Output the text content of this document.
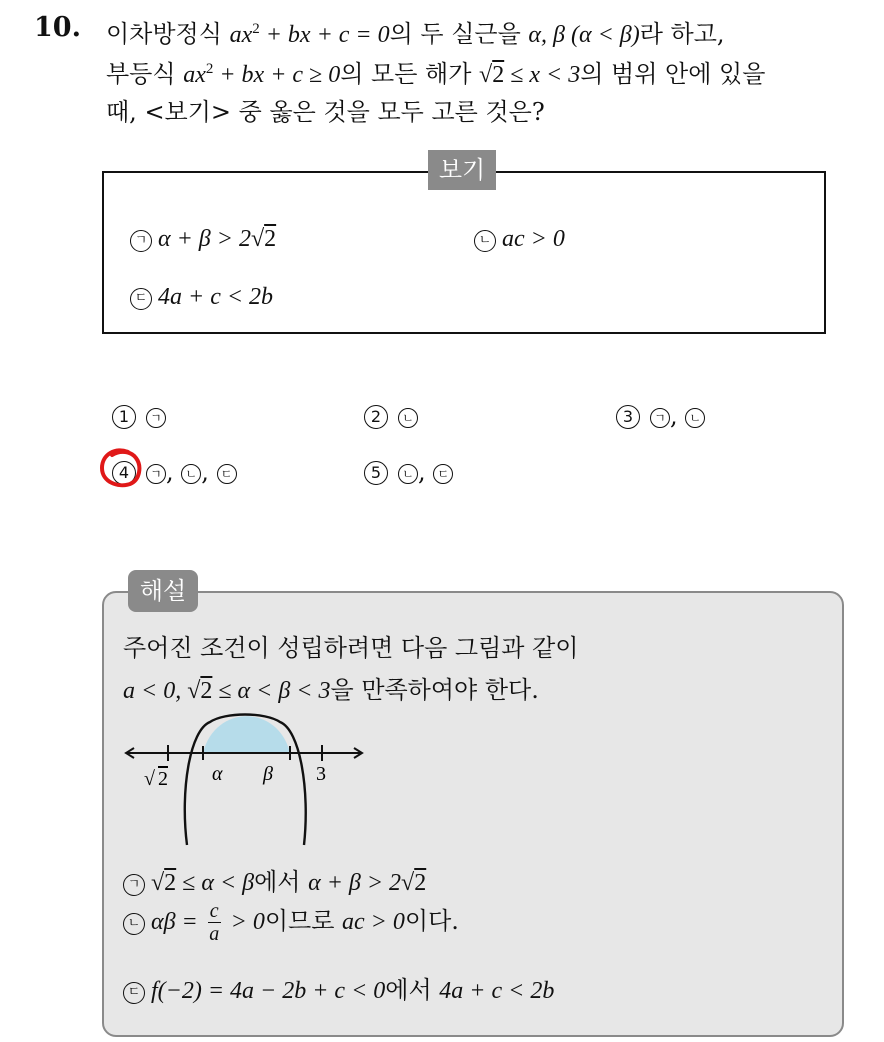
10. 이차방정식 $ax^2$ + bx + c = 0의 두 실근을 α, β (α < β)라 하고,
부등식 $ax^2$ + bx + c ≥ 0의 모든 해가 √2 ≤ x < 3의 범위 안에 있을
때, <보기> 중 옳은 것을 모두 고른 것은?
보기
ㄱ α + β > 2√2	ㄴ ac > 0
ㄷ 4a + c < 2b
1 ㄱ	2 ㄴ	3 ㄱ , ㄴ
4 ㄱ , ㄴ , ㄷ	5 ㄴ , ㄷ
해설
주어진 조건이 성립하려면 다음 그림과 같이
a < 0, √2 ≤ α < β < 3을 만족하여야 한다.
√ 2 α β 3
ㄱ √2 ≤ α < β에서 α + β > 2√2
ㄴ $\alpha\beta = \frac{c}{a} > 0$이므로 ac > 0이다.
ㄷ f(−2) = 4a − 2b + c < 0에서 4a + c < 2b
